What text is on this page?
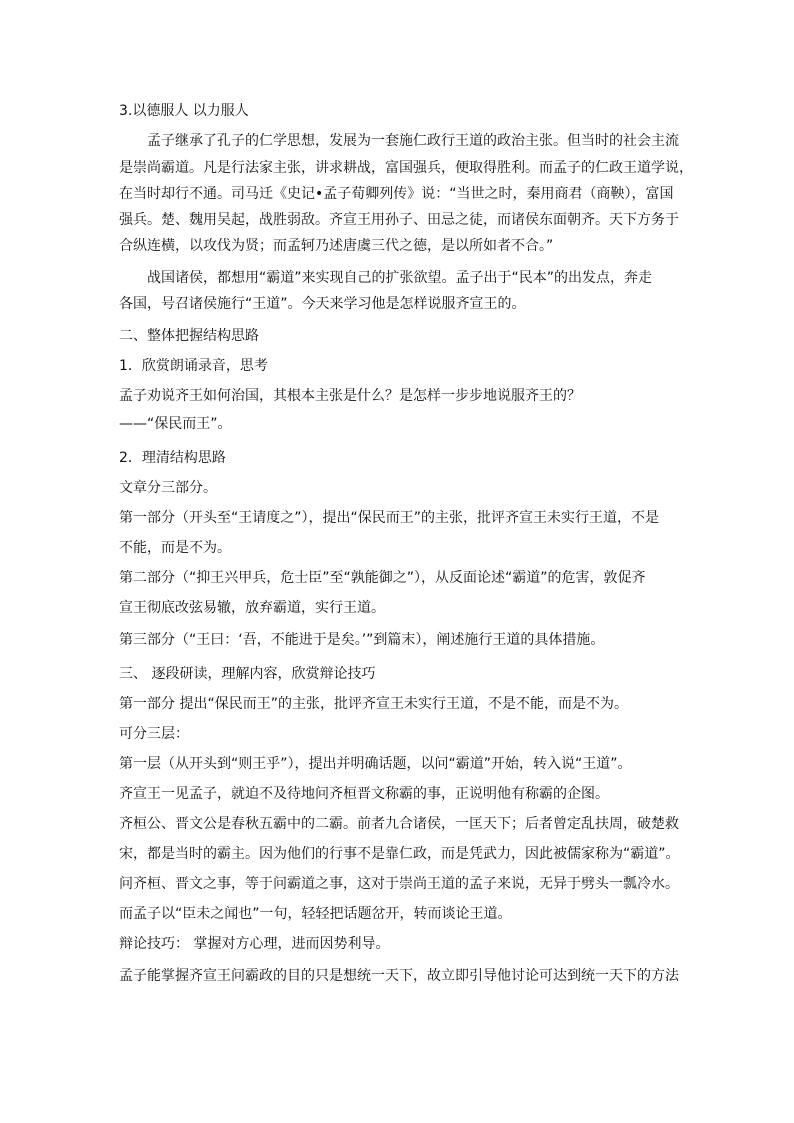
3.以德服人 以力服人
孟子继承了孔子的仁学思想，发展为一套施仁政行王道的政治主张。但当时的社会主流
是崇尚霸道。凡是行法家主张，讲求耕战，富国强兵，便取得胜利。而孟子的仁政王道学说，
在当时却行不通。司马迁《史记•孟子荀卿列传》说：“当世之时，秦用商君（商鞅），富国
强兵。楚、魏用吴起，战胜弱敌。齐宣王用孙子、田忌之徒，而诸侯东面朝齐。天下方务于
合纵连横，以攻伐为贤；而孟轲乃述唐虞三代之德，是以所如者不合。”
战国诸侯，都想用“霸道”来实现自己的扩张欲望。孟子出于“民本”的出发点，奔走
各国，号召诸侯施行“王道”。今天来学习他是怎样说服齐宣王的。
二、整体把握结构思路
1．欣赏朗诵录音，思考
孟子劝说齐王如何治国，其根本主张是什么？是怎样一步步地说服齐王的？
——“保民而王”。
2．理清结构思路
文章分三部分。
第一部分（开头至“王请度之”），提出“保民而王”的主张，批评齐宣王未实行王道，不是
不能，而是不为。
第二部分（“抑王兴甲兵，危士臣”至“孰能御之”），从反面论述“霸道”的危害，敦促齐
宣王彻底改弦易辙，放弃霸道，实行王道。
第三部分（“王曰：‘吾，不能进于是矣。’”到篇末），阐述施行王道的具体措施。
三、 逐段研读，理解内容，欣赏辩论技巧
第一部分 提出“保民而王”的主张，批评齐宣王未实行王道，不是不能，而是不为。
可分三层：
第一层（从开头到“则王乎”），提出并明确话题，以问“霸道”开始，转入说“王道”。
齐宣王一见孟子，就迫不及待地问齐桓晋文称霸的事，正说明他有称霸的企图。
齐桓公、晋文公是春秋五霸中的二霸。前者九合诸侯，一匡天下；后者曾定乱扶周，破楚救
宋，都是当时的霸主。因为他们的行事不是靠仁政，而是凭武力，因此被儒家称为“霸道”。
问齐桓、晋文之事，等于问霸道之事，这对于崇尚王道的孟子来说，无异于劈头一瓢冷水。
而孟子以“臣未之闻也”一句，轻轻把话题岔开，转而谈论王道。
辩论技巧： 掌握对方心理，进而因势利导。
孟子能掌握齐宣王问霸政的目的只是想统一天下，故立即引导他讨论可达到统一天下的方法
